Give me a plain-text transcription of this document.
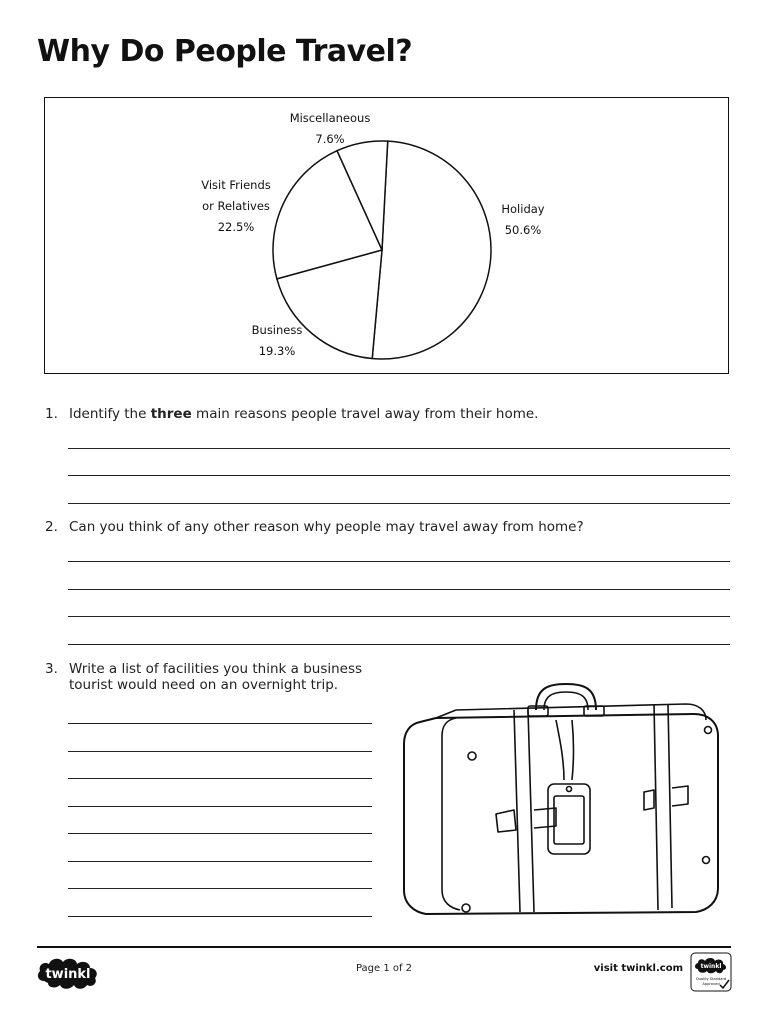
Why Do People Travel?
Holiday
50.6%
Business
19.3%
Visit Friends
or Relatives
22.5%
Miscellaneous
7.6%
1. Identify the three main reasons people travel away from their home.
2. Can you think of any other reason why people may travel away from home?
3. Write a list of facilities you think a business
tourist would need on an overnight trip.
twinkl	Page 1 of 2	visit twinkl.com	twinkl
Quality Standard
Approved
